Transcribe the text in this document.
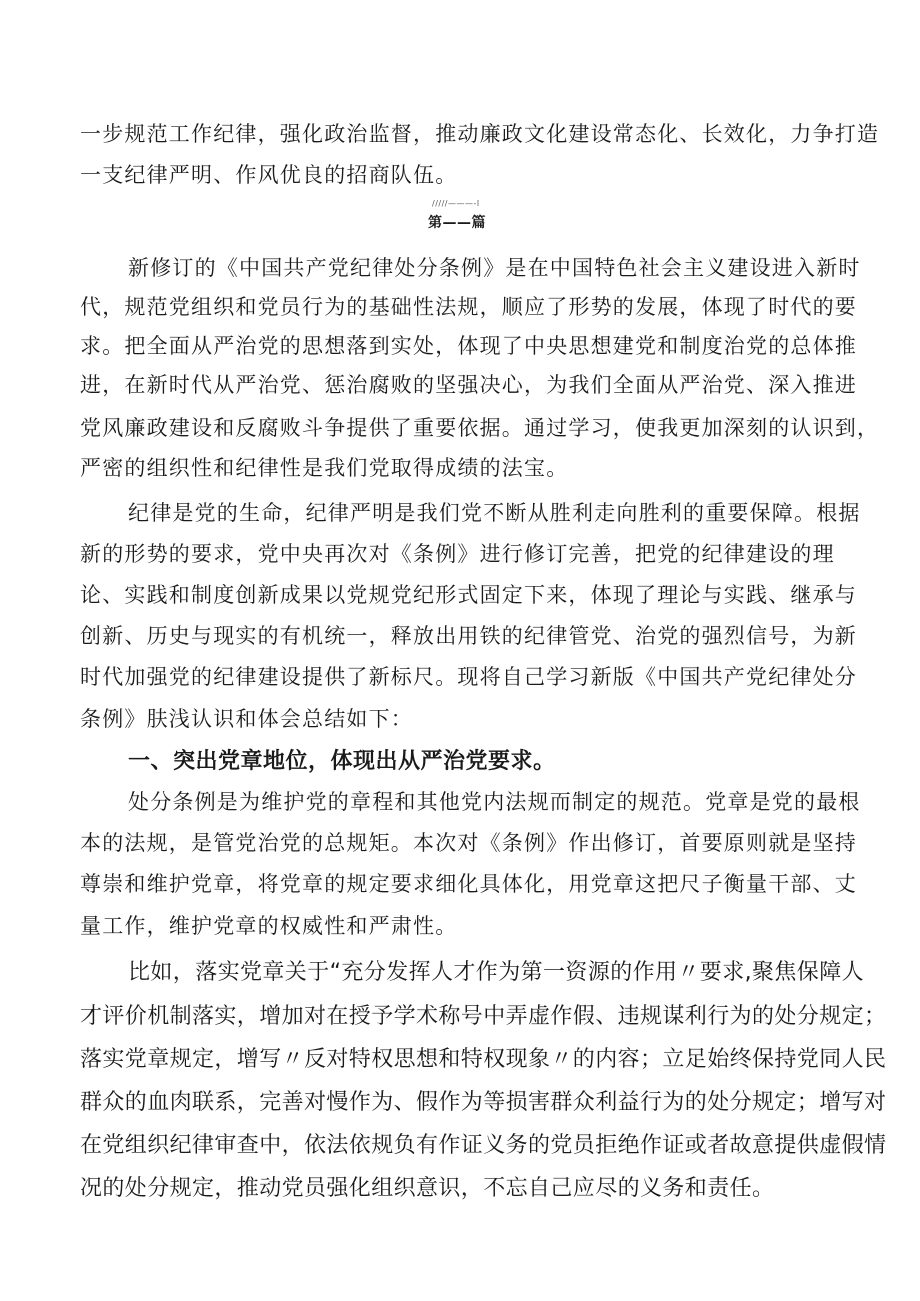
一步规范工作纪律，强化政治监督，推动廉政文化建设常态化、长效化，力争打造

一支纪律严明、作风优良的招商队伍。

/////———-l
第——篇

新修订的《中国共产党纪律处分条例》是在中国特色社会主义建设进入新时

代，规范党组织和党员行为的基础性法规，顺应了形势的发展，体现了时代的要

求。把全面从严治党的思想落到实处，体现了中央思想建党和制度治党的总体推

进，在新时代从严治党、惩治腐败的坚强决心，为我们全面从严治党、深入推进

党风廉政建设和反腐败斗争提供了重要依据。通过学习，使我更加深刻的认识到，

严密的组织性和纪律性是我们党取得成绩的法宝。

纪律是党的生命，纪律严明是我们党不断从胜利走向胜利的重要保障。根据

新的形势的要求，党中央再次对《条例》进行修订完善，把党的纪律建设的理

论、实践和制度创新成果以党规党纪形式固定下来，体现了理论与实践、继承与

创新、历史与现实的有机统一，释放出用铁的纪律管党、治党的强烈信号，为新

时代加强党的纪律建设提供了新标尺。现将自己学习新版《中国共产党纪律处分

条例》肤浅认识和体会总结如下：

一、突出党章地位，体现出从严治党要求。

处分条例是为维护党的章程和其他党内法规而制定的规范。党章是党的最根

本的法规，是管党治党的总规矩。本次对《条例》作出修订，首要原则就是坚持

尊崇和维护党章，将党章的规定要求细化具体化，用党章这把尺子衡量干部、丈

量工作，维护党章的权威性和严肃性。

比如，落实党章关于“充分发挥人才作为第一资源的作用〃要求,聚焦保障人

才评价机制落实，增加对在授予学术称号中弄虚作假、违规谋利行为的处分规定；

落实党章规定，增写〃反对特权思想和特权现象〃的内容；立足始终保持党同人民

群众的血肉联系，完善对慢作为、假作为等损害群众利益行为的处分规定；增写对

在党组织纪律审查中，依法依规负有作证义务的党员拒绝作证或者故意提供虚假情

况的处分规定，推动党员强化组织意识，不忘自己应尽的义务和责任。
